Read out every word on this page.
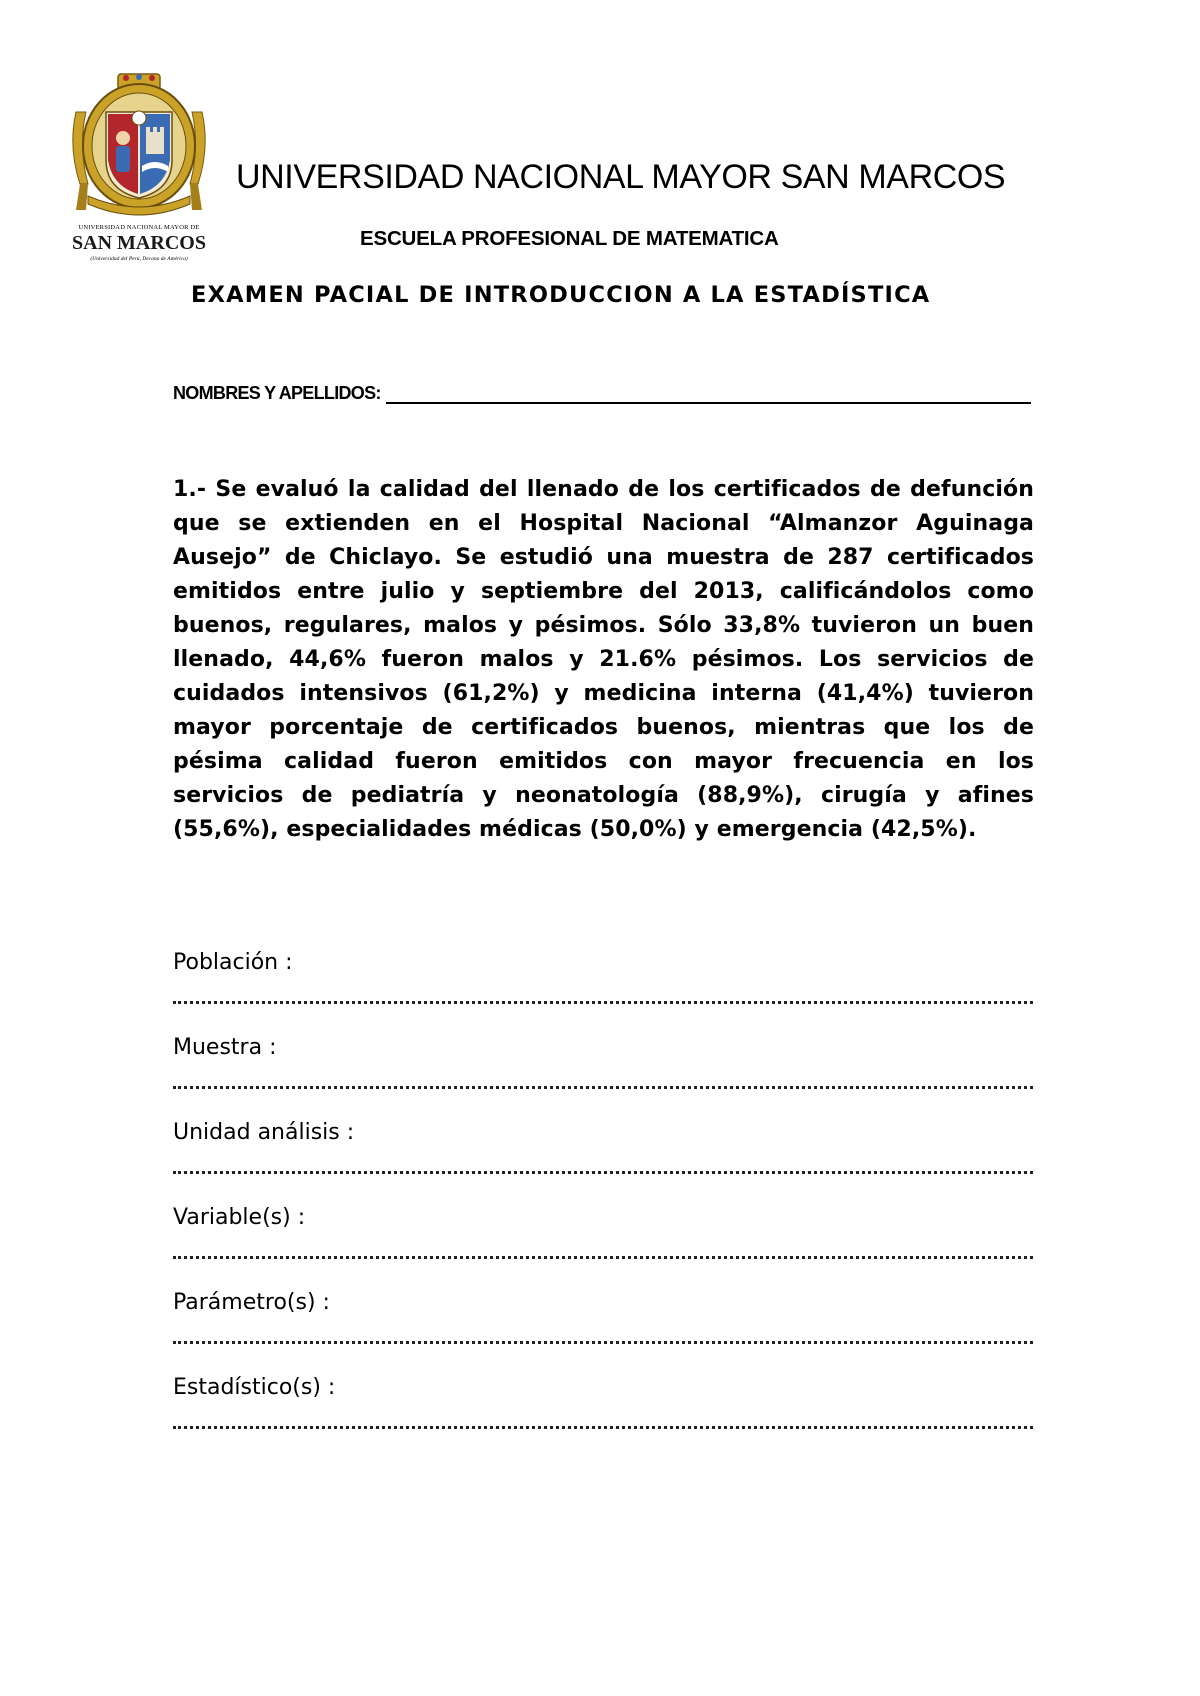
UNIVERSIDAD NACIONAL MAYOR DE
SAN MARCOS
(Universidad del Perú, Decana de América)
UNIVERSIDAD NACIONAL MAYOR SAN MARCOS
ESCUELA PROFESIONAL DE MATEMATICA
EXAMEN PACIAL DE INTRODUCCION A LA ESTADÍSTICA
NOMBRES Y APELLIDOS:
1.- Se evaluó la calidad del llenado de los certificados de defunción que se extienden en el Hospital Nacional “Almanzor Aguinaga Ausejo” de Chiclayo. Se estudió una muestra de 287 certificados emitidos entre julio y septiembre del 2013, calificándolos como buenos, regulares, malos y pésimos. Sólo 33,8% tuvieron un buen llenado, 44,6% fueron malos y 21.6% pésimos. Los servicios de cuidados intensivos (61,2%) y medicina interna (41,4%) tuvieron mayor porcentaje de certificados buenos, mientras que los de pésima calidad fueron emitidos con mayor frecuencia en los servicios de pediatría y neonatología (88,9%), cirugía y afines (55,6%), especialidades médicas (50,0%) y emergencia (42,5%).
Población :
Muestra :
Unidad análisis :
Variable(s) :
Parámetro(s) :
Estadístico(s) :
